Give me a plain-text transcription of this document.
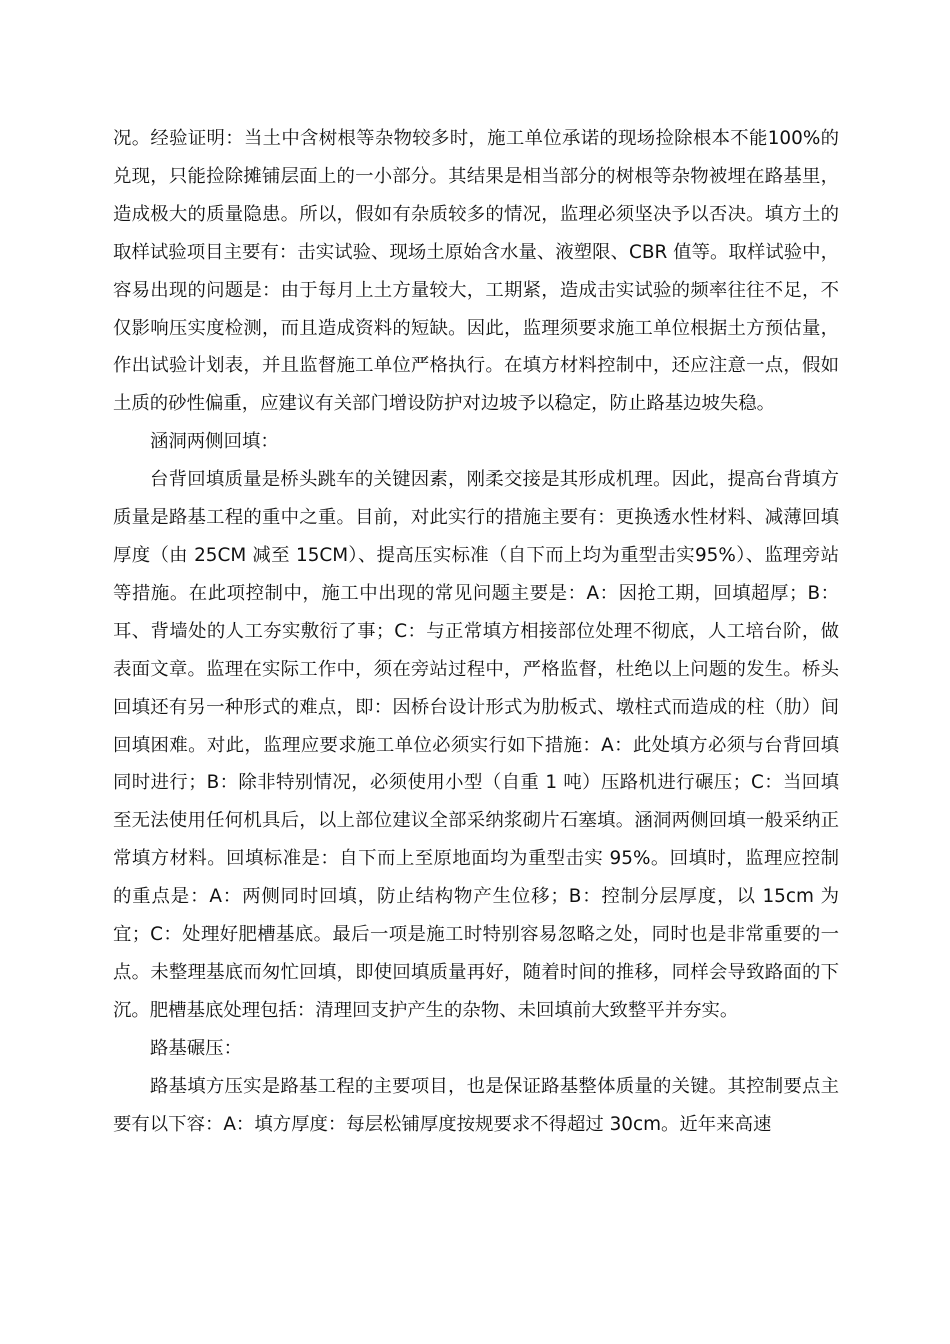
况。经验证明：当土中含树根等杂物较多时，施工单位承诺的现场捡除根本不能100%的兑现，只能捡除摊铺层面上的一小部分。其结果是相当部分的树根等杂物被埋在路基里，造成极大的质量隐患。所以，假如有杂质较多的情况，监理必须坚决予以否决。填方土的取样试验项目主要有：击实试验、现场土原始含水量、液塑限、CBR 值等。取样试验中，容易出现的问题是：由于每月上土方量较大，工期紧，造成击实试验的频率往往不足，不仅影响压实度检测，而且造成资料的短缺。因此，监理须要求施工单位根据土方预估量，作出试验计划表，并且监督施工单位严格执行。在填方材料控制中，还应注意一点，假如土质的砂性偏重，应建议有关部门增设防护对边坡予以稳定，防止路基边坡失稳。

涵洞两侧回填：

台背回填质量是桥头跳车的关键因素，刚柔交接是其形成机理。因此，提高台背填方质量是路基工程的重中之重。目前，对此实行的措施主要有：更换透水性材料、减薄回填厚度（由 25CM 减至 15CM）、提高压实标准（自下而上均为重型击实95%）、监理旁站等措施。在此项控制中，施工中出现的常见问题主要是：A：因抢工期，回填超厚；B：耳、背墙处的人工夯实敷衍了事；C：与正常填方相接部位处理不彻底，人工培台阶，做表面文章。监理在实际工作中，须在旁站过程中，严格监督，杜绝以上问题的发生。桥头回填还有另一种形式的难点，即：因桥台设计形式为肋板式、墩柱式而造成的柱（肋）间回填困难。对此，监理应要求施工单位必须实行如下措施：A：此处填方必须与台背回填同时进行；B：除非特别情况，必须使用小型（自重 1 吨）压路机进行碾压；C：当回填至无法使用任何机具后，以上部位建议全部采纳浆砌片石塞填。涵洞两侧回填一般采纳正常填方材料。回填标准是：自下而上至原地面均为重型击实 95%。回填时，监理应控制的重点是：A：两侧同时回填，防止结构物产生位移；B：控制分层厚度，以 15cm 为宜；C：处理好肥槽基底。最后一项是施工时特别容易忽略之处，同时也是非常重要的一点。未整理基底而匆忙回填，即使回填质量再好，随着时间的推移，同样会导致路面的下沉。肥槽基底处理包括：清理回支护产生的杂物、未回填前大致整平并夯实。

路基碾压：

路基填方压实是路基工程的主要项目，也是保证路基整体质量的关键。其控制要点主要有以下容：A：填方厚度：每层松铺厚度按规要求不得超过 30cm。近年来高速
